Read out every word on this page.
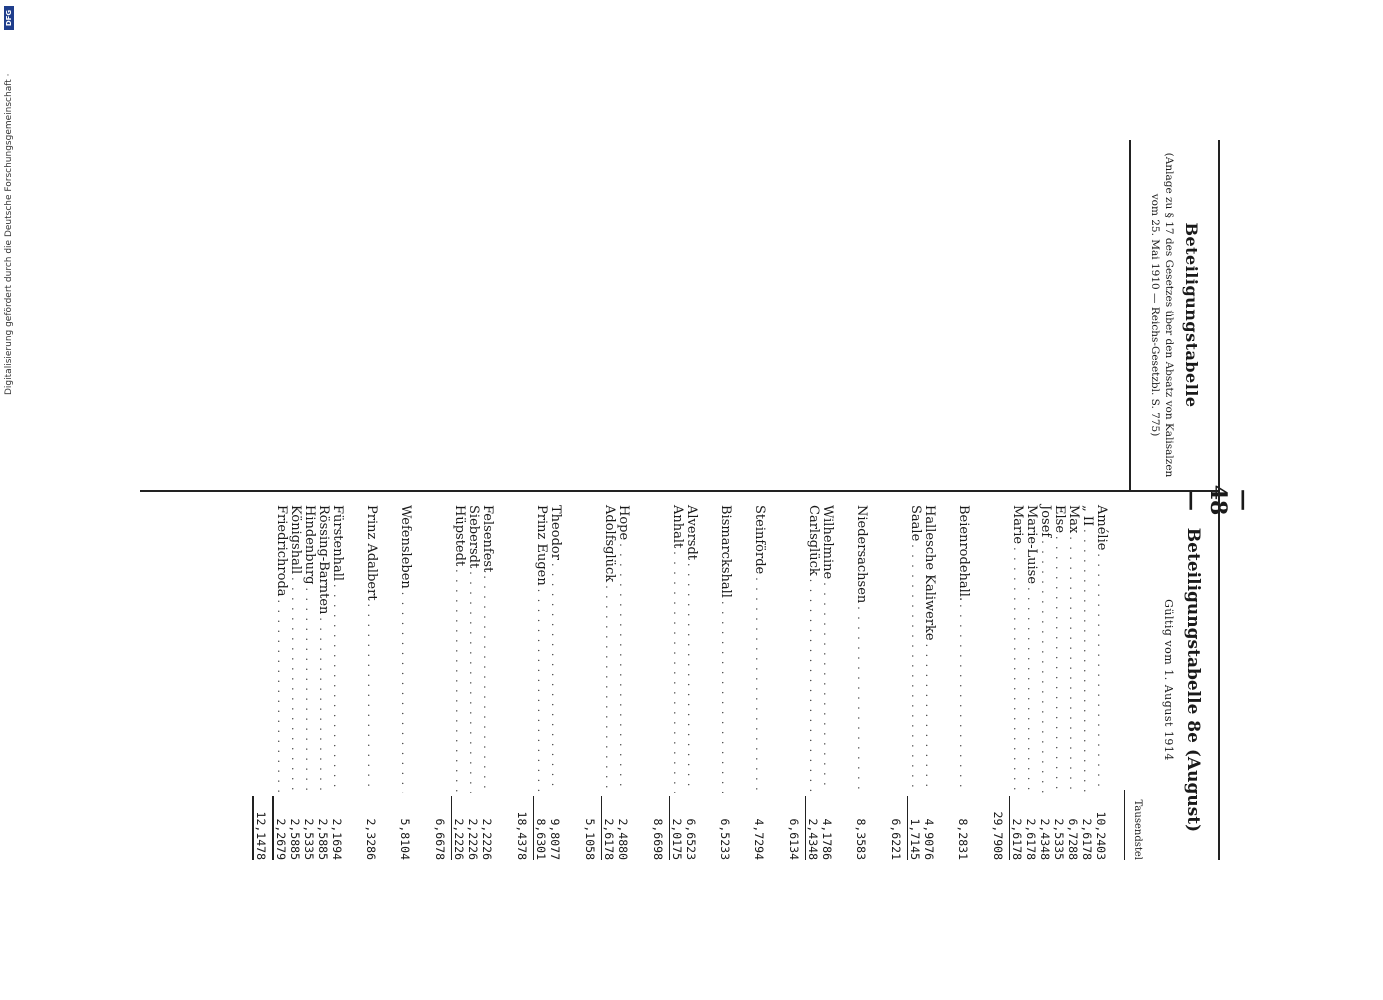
— 48 —
Beteiligungstabelle
(Anlage zu § 17 des Gesetzes über den Absatz von Kalisalzen
vom 25. Mai 1910 — Reichs-Gesetzbl. S. 775)
Beteiligungstabelle 8e (August)
Gültig vom 1. August 1914
Tausendstel
Amélie
. . .
10,2403
„ II
. . .
2,6178
Max
. . .
6,7288
Else
. . .
2,5335
Josef
. . .
2,4348
Marie-Luise
. . .
2,6178
Marie
. . .
2,6178
29,7908
Beienrodehall.
. . .
8,2831
Hallesche Kaliwerke
. . .
4,9076
Saale
. . .
1,7145
6,6221
Niedersachsen
. . .
8,3583
Wilhelmine
. . .
4,1786
Carlsglück
. . .
2,4348
6,6134
Steinförde
. . .
4,7294
Bismarckshall
. . .
6,5233
Alversdt
. . .
6,6523
Anhalt
. . .
2,0175
8,6698
Hope
. . .
2,4880
Adolfsglück
. . .
2,6178
5,1058
Theodor
. . .
9,8077
Prinz Eugen
. . .
8,6301
18,4378
Felsenfest
. . .
2,2226
Siebersdt
. . .
2,2226
Hüpstedt
. . .
2,2226
6,6678
Wefensleben
. . .
5,8104
Prinz Adalbert
. . .
2,3286
Fürstenhall
. . .
2,1694
Rössing-Barnten
. . .
2,5885
Hindenburg
. . .
2,5335
Königshall
. . .
2,5885
Friedrichroda
. . .
2,2679
12,1478
Digitalisierung gefördert durch die Deutsche Forschungsgemeinschaft ·
DFG
